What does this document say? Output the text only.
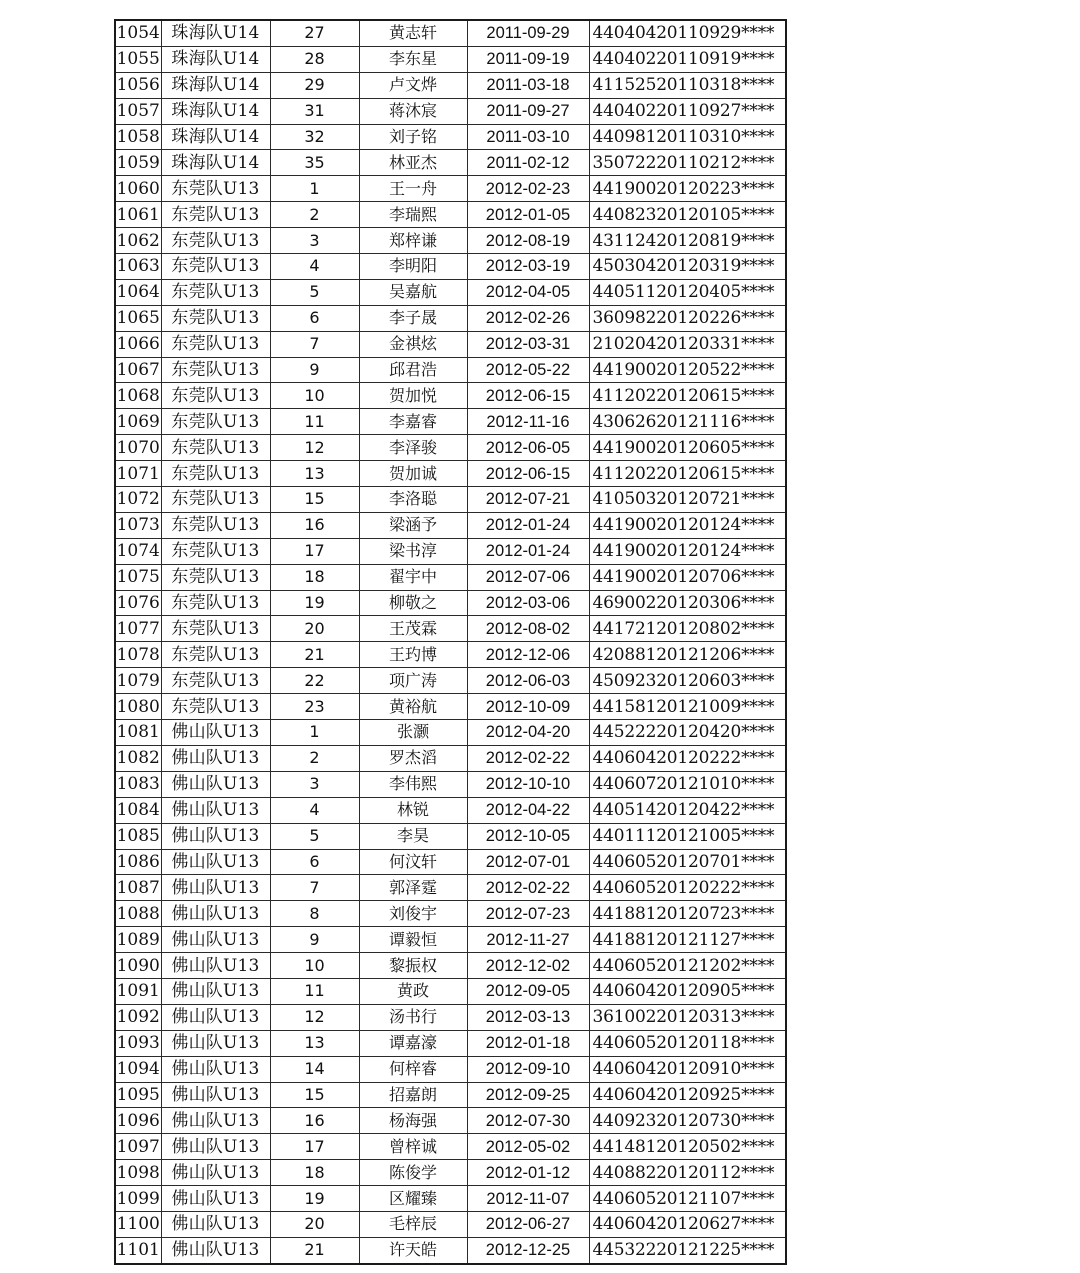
1054	珠海队U14	27	黄志轩	2011-09-29	44040420110929****
1055	珠海队U14	28	李东星	2011-09-19	44040220110919****
1056	珠海队U14	29	卢文烨	2011-03-18	41152520110318****
1057	珠海队U14	31	蒋沐宸	2011-09-27	44040220110927****
1058	珠海队U14	32	刘子铭	2011-03-10	44098120110310****
1059	珠海队U14	35	林亚杰	2011-02-12	35072220110212****
1060	东莞队U13	1	王一舟	2012-02-23	44190020120223****
1061	东莞队U13	2	李瑞熙	2012-01-05	44082320120105****
1062	东莞队U13	3	郑梓谦	2012-08-19	43112420120819****
1063	东莞队U13	4	李明阳	2012-03-19	45030420120319****
1064	东莞队U13	5	吴嘉航	2012-04-05	44051120120405****
1065	东莞队U13	6	李子晟	2012-02-26	36098220120226****
1066	东莞队U13	7	金祺炫	2012-03-31	21020420120331****
1067	东莞队U13	9	邱君浩	2012-05-22	44190020120522****
1068	东莞队U13	10	贺加悦	2012-06-15	41120220120615****
1069	东莞队U13	11	李嘉睿	2012-11-16	43062620121116****
1070	东莞队U13	12	李泽骏	2012-06-05	44190020120605****
1071	东莞队U13	13	贺加诚	2012-06-15	41120220120615****
1072	东莞队U13	15	李洛聪	2012-07-21	41050320120721****
1073	东莞队U13	16	梁涵予	2012-01-24	44190020120124****
1074	东莞队U13	17	梁书淳	2012-01-24	44190020120124****
1075	东莞队U13	18	翟宇中	2012-07-06	44190020120706****
1076	东莞队U13	19	柳敬之	2012-03-06	46900220120306****
1077	东莞队U13	20	王茂霖	2012-08-02	44172120120802****
1078	东莞队U13	21	王玓博	2012-12-06	42088120121206****
1079	东莞队U13	22	项广涛	2012-06-03	45092320120603****
1080	东莞队U13	23	黄裕航	2012-10-09	44158120121009****
1081	佛山队U13	1	张灏	2012-04-20	44522220120420****
1082	佛山队U13	2	罗杰滔	2012-02-22	44060420120222****
1083	佛山队U13	3	李伟熙	2012-10-10	44060720121010****
1084	佛山队U13	4	林锐	2012-04-22	44051420120422****
1085	佛山队U13	5	李昊	2012-10-05	44011120121005****
1086	佛山队U13	6	何汶轩	2012-07-01	44060520120701****
1087	佛山队U13	7	郭泽霆	2012-02-22	44060520120222****
1088	佛山队U13	8	刘俊宇	2012-07-23	44188120120723****
1089	佛山队U13	9	谭毅恒	2012-11-27	44188120121127****
1090	佛山队U13	10	黎振权	2012-12-02	44060520121202****
1091	佛山队U13	11	黄政	2012-09-05	44060420120905****
1092	佛山队U13	12	汤书行	2012-03-13	36100220120313****
1093	佛山队U13	13	谭嘉濠	2012-01-18	44060520120118****
1094	佛山队U13	14	何梓睿	2012-09-10	44060420120910****
1095	佛山队U13	15	招嘉朗	2012-09-25	44060420120925****
1096	佛山队U13	16	杨海强	2012-07-30	44092320120730****
1097	佛山队U13	17	曾梓诚	2012-05-02	44148120120502****
1098	佛山队U13	18	陈俊学	2012-01-12	44088220120112****
1099	佛山队U13	19	区耀臻	2012-11-07	44060520121107****
1100	佛山队U13	20	毛梓辰	2012-06-27	44060420120627****
1101	佛山队U13	21	许天皓	2012-12-25	44532220121225****
